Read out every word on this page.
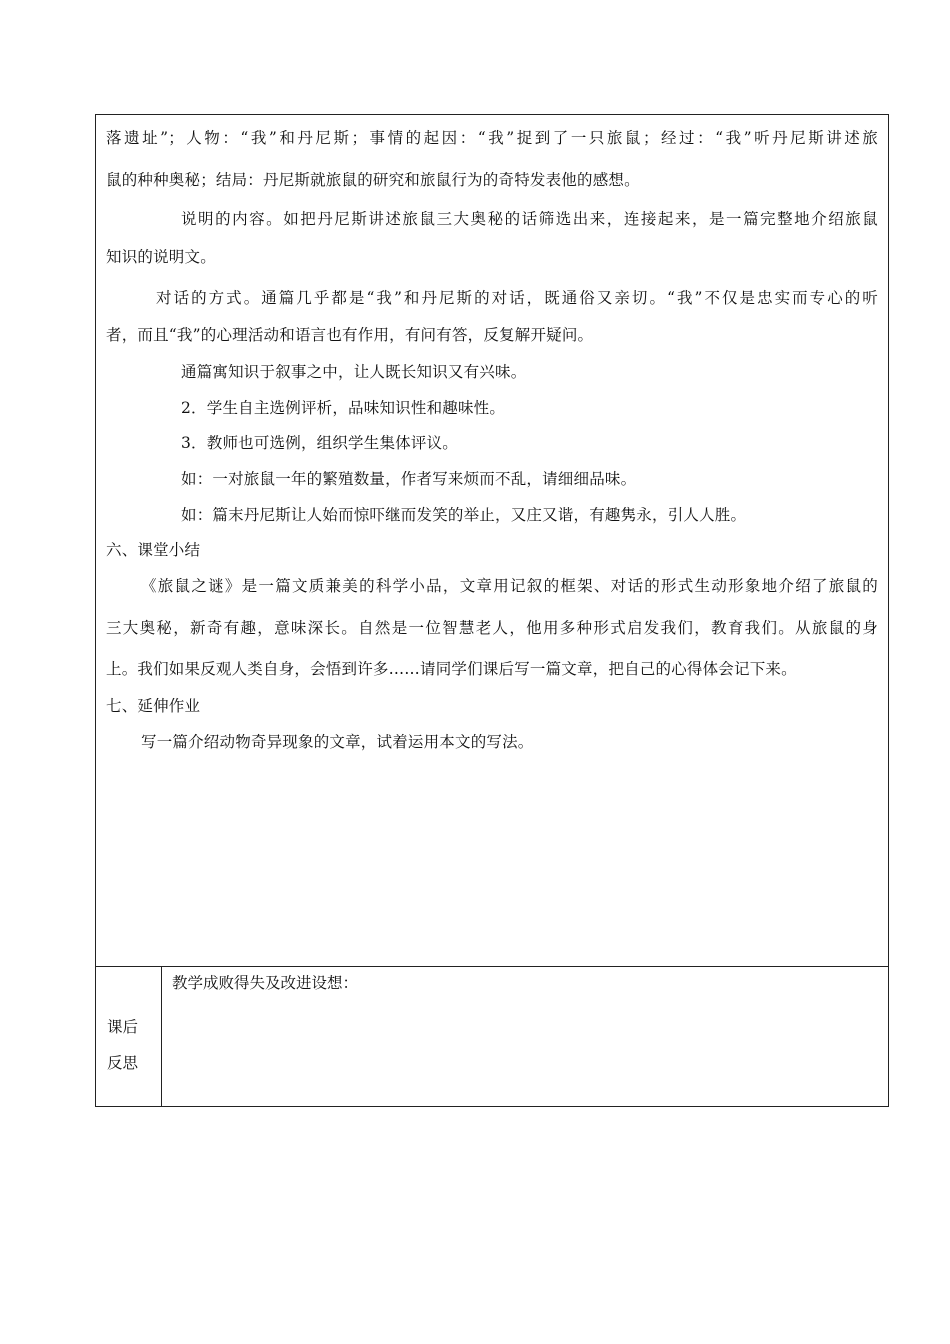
落遗址”；人物：“我”和丹尼斯；事情的起因：“我”捉到了一只旅鼠；经过：“我”听丹尼斯讲述旅
鼠的种种奥秘；结局：丹尼斯就旅鼠的研究和旅鼠行为的奇特发表他的感想。
说明的内容。如把丹尼斯讲述旅鼠三大奥秘的话筛选出来，连接起来，是一篇完整地介绍旅鼠
知识的说明文。
对话的方式。通篇几乎都是“我”和丹尼斯的对话，既通俗又亲切。“我”不仅是忠实而专心的听
者，而且“我”的心理活动和语言也有作用，有问有答，反复解开疑问。
通篇寓知识于叙事之中，让人既长知识又有兴味。
2．学生自主选例评析，品味知识性和趣味性。
3．教师也可选例，组织学生集体评议。
如：一对旅鼠一年的繁殖数量，作者写来烦而不乱，请细细品味。
如：篇末丹尼斯让人始而惊吓继而发笑的举止，又庄又谐，有趣隽永，引人人胜。
六、课堂小结
《旅鼠之谜》是一篇文质兼美的科学小品，文章用记叙的框架、对话的形式生动形象地介绍了旅鼠的
三大奥秘，新奇有趣，意味深长。自然是一位智慧老人，他用多种形式启发我们，教育我们。从旅鼠的身
上。我们如果反观人类自身，会悟到许多……请同学们课后写一篇文章，把自己的心得体会记下来。
七、延伸作业
写一篇介绍动物奇异现象的文章，试着运用本文的写法。
课后
反思
教学成败得失及改进设想：
